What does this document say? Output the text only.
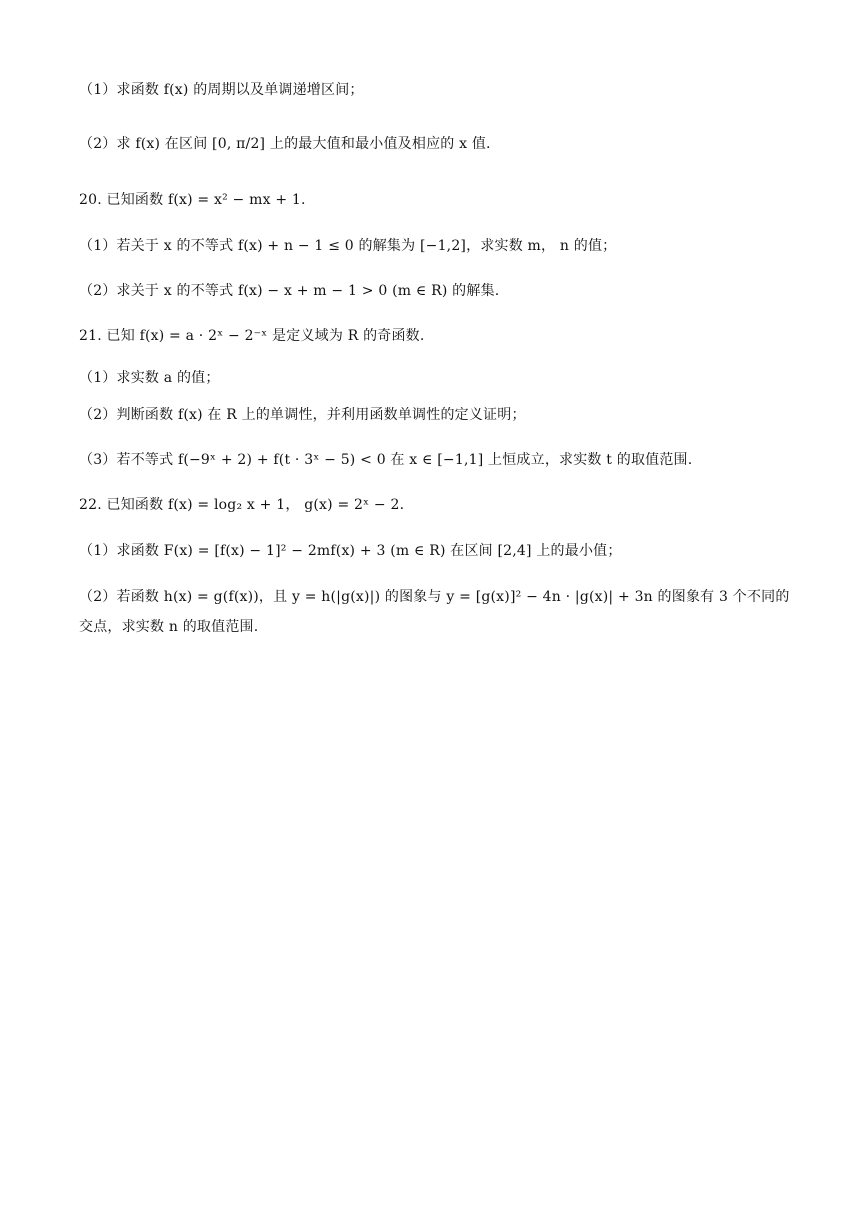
（1）求函数 f(x) 的周期以及单调递增区间；
（2）求 f(x) 在区间 [0, π/2] 上的最大值和最小值及相应的 x 值.
20. 已知函数 f(x) = x² − mx + 1.
（1）若关于 x 的不等式 f(x) + n − 1 ≤ 0 的解集为 [−1,2]，求实数 m， n 的值；
（2）求关于 x 的不等式 f(x) − x + m − 1 > 0 (m ∈ R) 的解集.
21. 已知 f(x) = a · 2ˣ − 2⁻ˣ 是定义域为 R 的奇函数.
（1）求实数 a 的值；
（2）判断函数 f(x) 在 R 上的单调性，并利用函数单调性的定义证明；
（3）若不等式 f(−9ˣ + 2) + f(t · 3ˣ − 5) < 0 在 x ∈ [−1,1] 上恒成立，求实数 t 的取值范围.
22. 已知函数 f(x) = log₂ x + 1， g(x) = 2ˣ − 2.
（1）求函数 F(x) = [f(x) − 1]² − 2mf(x) + 3 (m ∈ R) 在区间 [2,4] 上的最小值；
（2）若函数 h(x) = g(f(x))，且 y = h(|g(x)|) 的图象与 y = [g(x)]² − 4n · |g(x)| + 3n 的图象有 3 个不同的交点，求实数 n 的取值范围.
